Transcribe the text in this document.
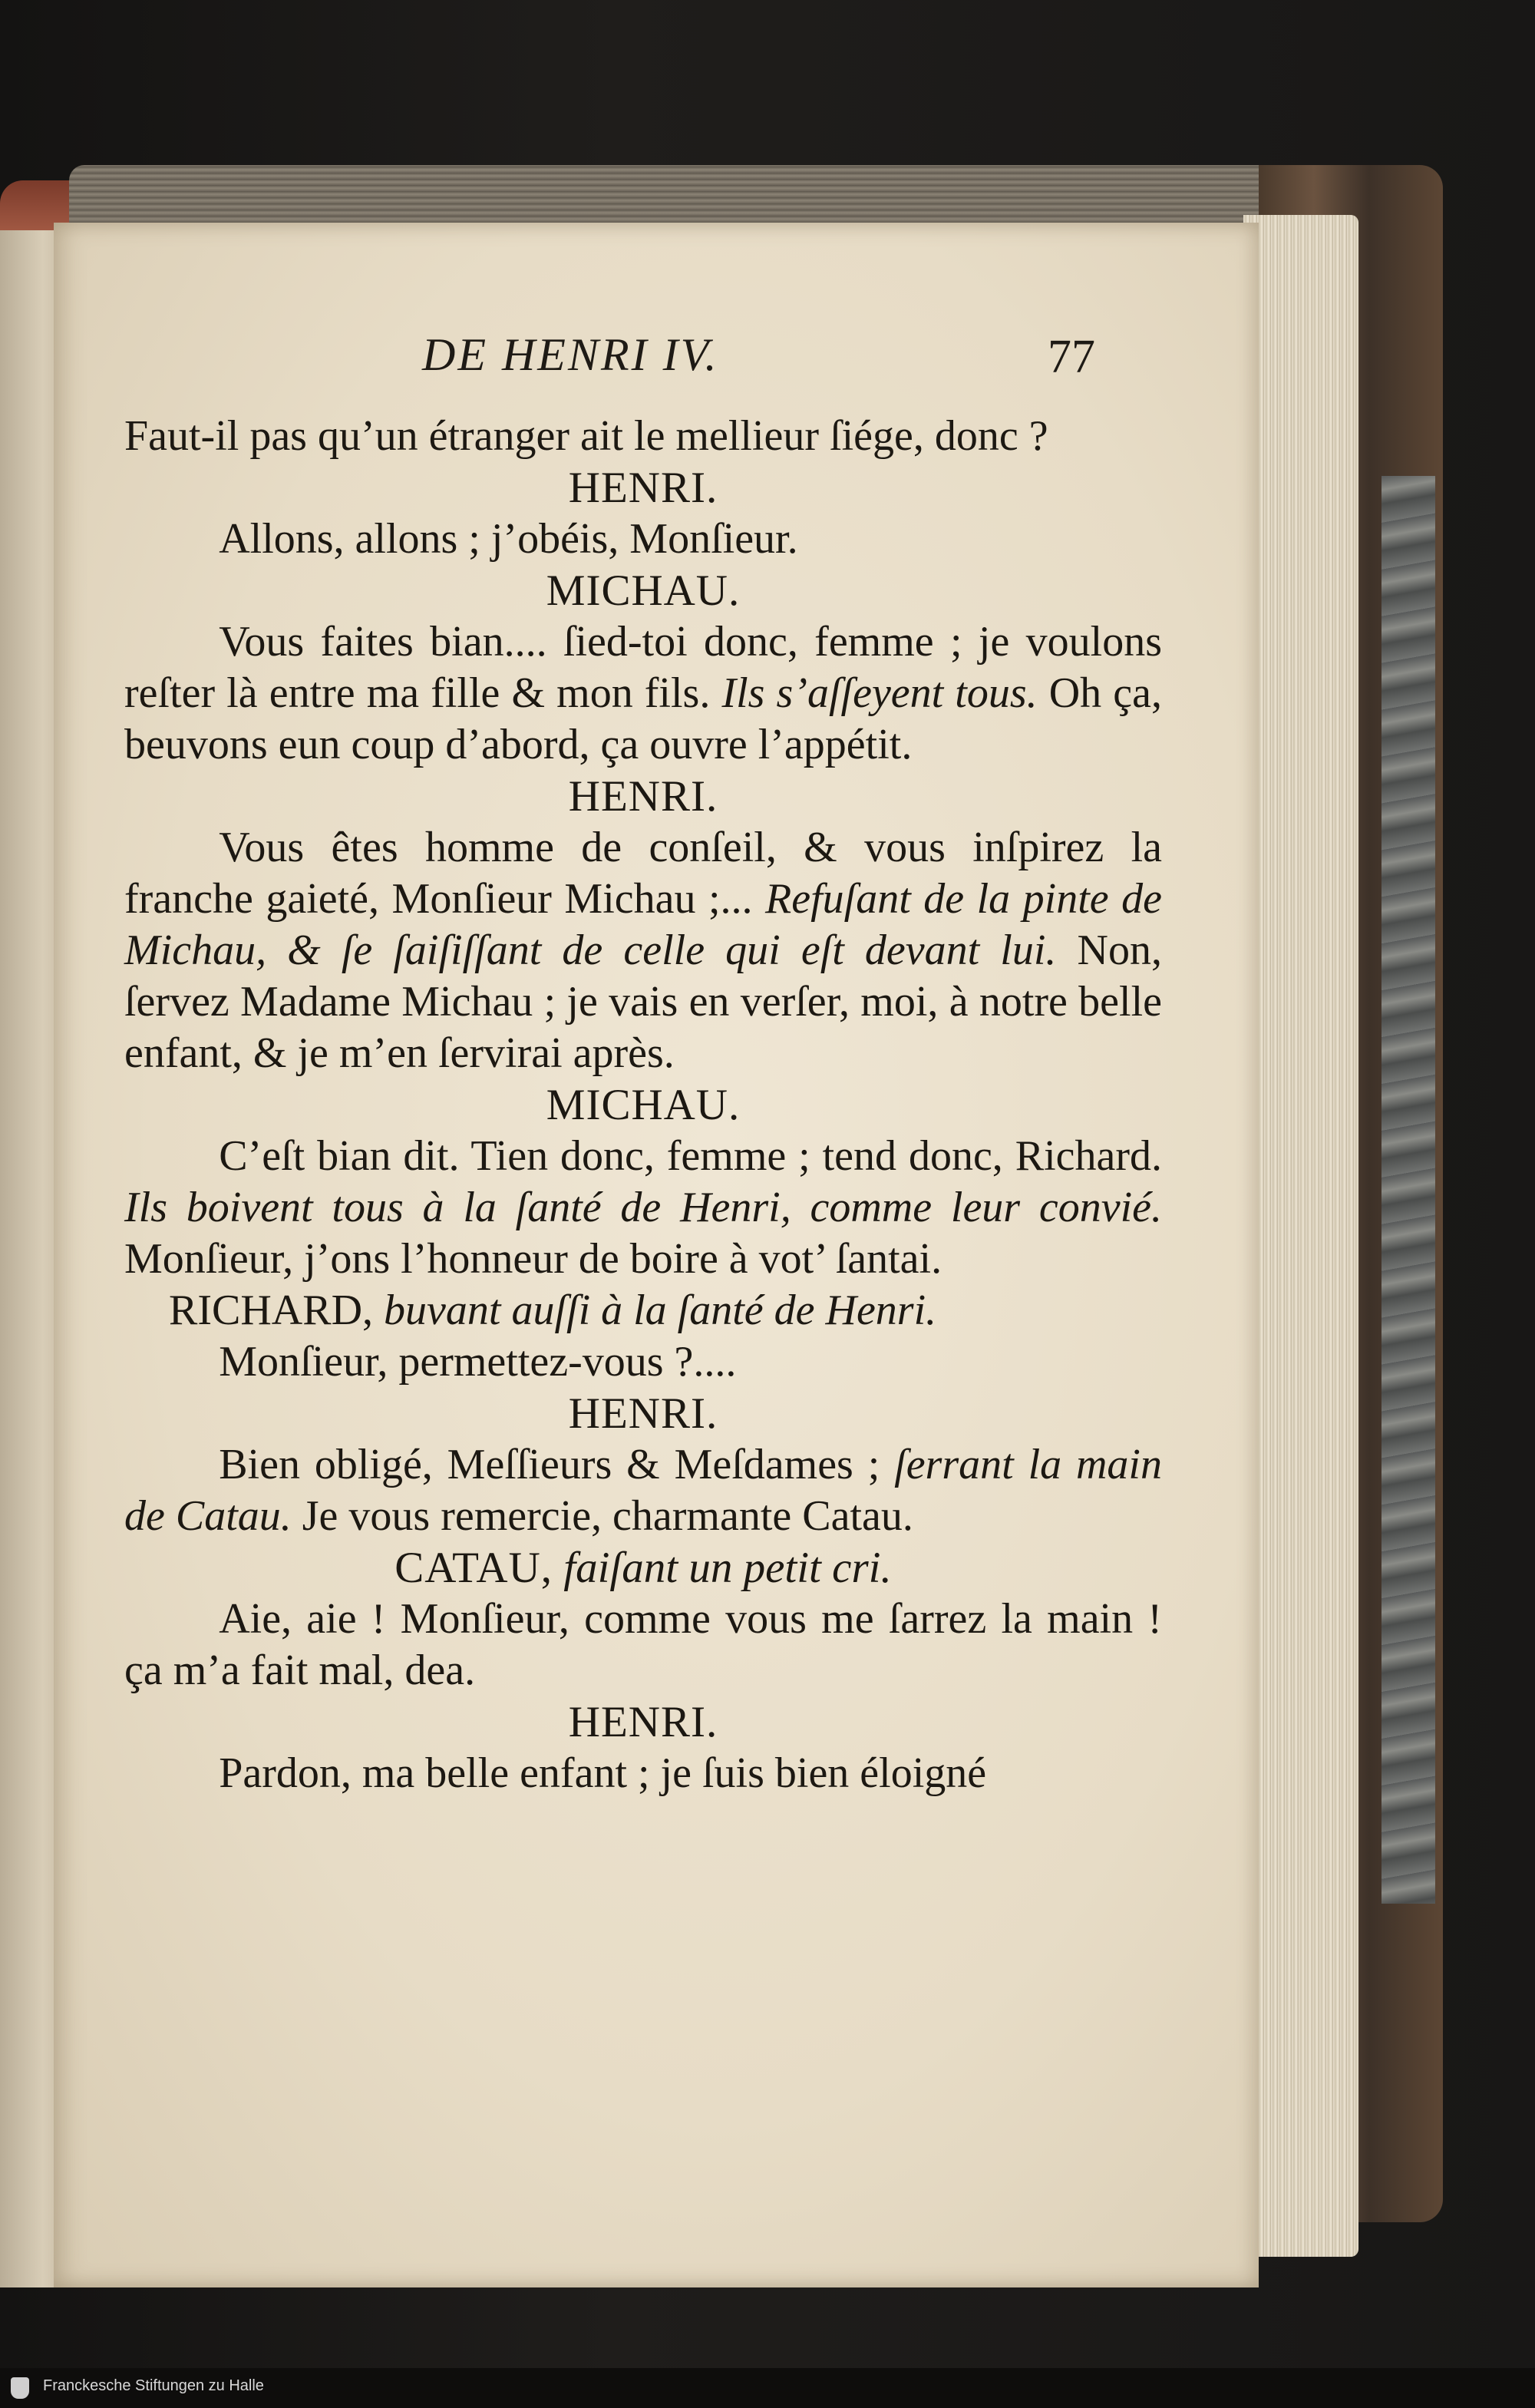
DE HENRI IV.	77

Faut-il pas qu’un étranger ait le mellieur ſiége, donc ?

HENRI.

Allons, allons ; j’obéis, Monſieur.

MICHAU.

Vous faites bian.... ſied-toi donc, femme ; je voulons reſter là entre ma fille & mon fils. Ils s’aſſeyent tous. Oh ça, beuvons eun coup d’abord, ça ouvre l’appétit.

HENRI.

Vous êtes homme de conſeil, & vous inſpirez la franche gaieté, Monſieur Michau ;... Refuſant de la pinte de Michau, & ſe ſaiſiſſant de celle qui eſt devant lui. Non, ſervez Madame Michau ; je vais en verſer, moi, à notre belle enfant, & je m’en ſervirai après.

MICHAU.

C’eſt bian dit. Tien donc, femme ; tend donc, Richard. Ils boivent tous à la ſanté de Henri, comme leur convié. Monſieur, j’ons l’honneur de boire à vot’ ſantai.

RICHARD, buvant auſſi à la ſanté de Henri.

Monſieur, permettez-vous ?....

HENRI.

Bien obligé, Meſſieurs & Meſdames ; ſerrant la main de Catau. Je vous remercie, charmante Catau.

CATAU, faiſant un petit cri.

Aie, aie ! Monſieur, comme vous me ſarrez la main ! ça m’a fait mal, dea.

HENRI.

Pardon, ma belle enfant ; je ſuis bien éloigné

Franckesche Stiftungen zu Halle
